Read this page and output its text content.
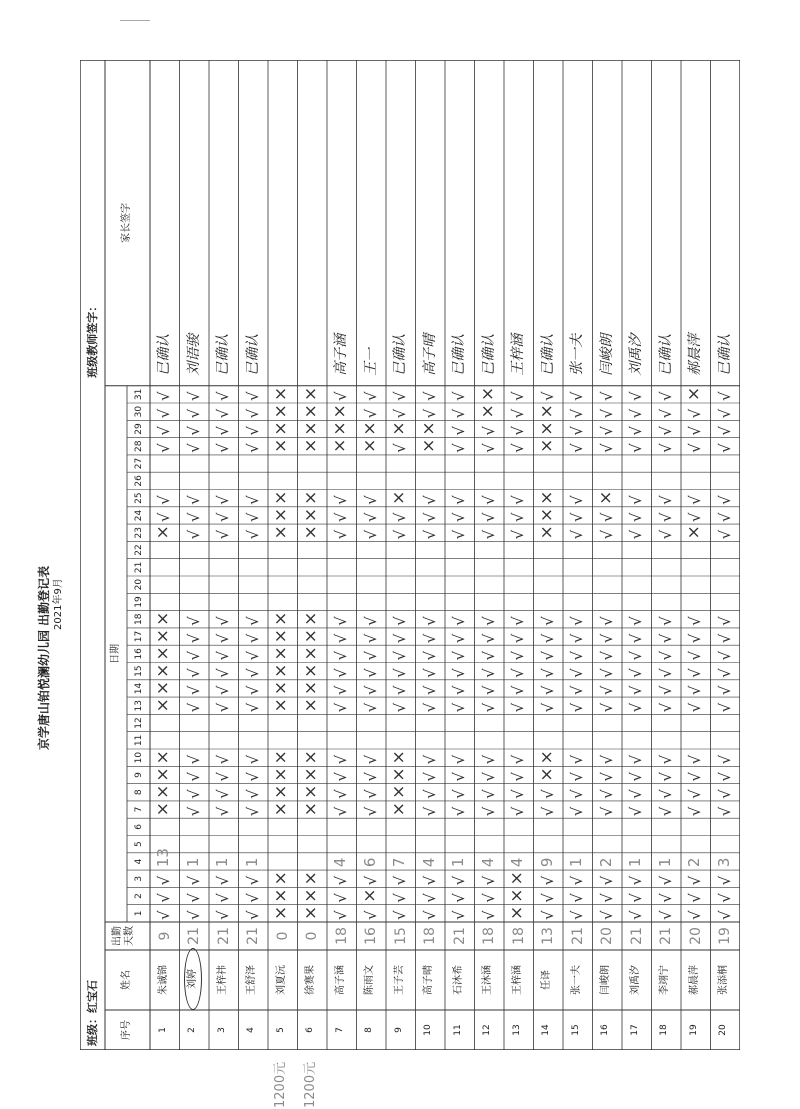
班级：红宝石
京学唐山铂悦澜幼儿园 出勤登记表 2021年9月
班级教师签字：
序号
姓名
出勤天数
日期
家长签字
1
2
3
4
5
6
7
8
9
10
11
12
13
14
15
16
17
18
19
20
21
22
23
24
25
26
27
28
29
30
31
1
朱诚锦
9
√
√
√
×
×
×
×
×
×
×
×
×
×
×
√
√
√
√
√
√
13
已确认
2
刘婷
21
√
√
√
√
√
√
√
√
√
√
√
√
√
√
√
√
√
√
√
√
1
刘语骏
3
王梓祎
21
√
√
√
√
√
√
√
√
√
√
√
√
√
√
√
√
√
√
√
√
1
已确认
4
王舒泽
21
√
√
√
√
√
√
√
√
√
√
√
√
√
√
√
√
√
√
√
√
1
已确认
5
刘夏沅
0
×
×
×
×
×
×
×
×
×
×
×
×
×
×
×
×
×
×
×
×
6
徐赛果
0
×
×
×
×
×
×
×
×
×
×
×
×
×
×
×
×
×
×
×
×
7
高子涵
18
√
√
√
√
√
√
√
√
√
√
√
√
√
√
√
√
×
×
×
√
4
高子涵
8
陈雨文
16
√
×
√
√
√
√
√
√
√
√
√
√
√
√
√
√
×
×
√
√
6
王一
9
王子芸
15
√
√
√
×
×
×
×
√
√
√
√
√
√
√
√
×
√
×
√
√
7
已确认
10
高子晴
18
√
√
√
√
√
√
√
√
√
√
√
√
√
√
√
√
×
×
√
√
4
高子晴
11
石沐希
21
√
√
√
√
√
√
√
√
√
√
√
√
√
√
√
√
√
√
√
√
1
已确认
12
王沐涵
18
√
√
√
√
√
√
√
√
√
√
√
√
√
√
√
√
√
√
×
×
4
已确认
13
王梓涵
18
×
×
×
√
√
√
√
√
√
√
√
√
√
√
√
√
√
√
√
√
4
王梓涵
14
任译
13
√
√
√
√
√
×
×
√
√
√
√
√
√
×
×
×
×
×
×
√
9
已确认
15
张一夫
21
√
√
√
√
√
√
√
√
√
√
√
√
√
√
√
√
√
√
√
√
1
张一夫
16
闫峻朗
20
√
√
√
√
√
√
√
√
√
√
√
√
√
√
√
×
√
√
√
√
2
闫峻朗
17
刘禹汐
21
√
√
√
√
√
√
√
√
√
√
√
√
√
√
√
√
√
√
√
√
1
刘禹汐
18
李翊宁
21
√
√
√
√
√
√
√
√
√
√
√
√
√
√
√
√
√
√
√
√
1
已确认
19
郝晨萍
20
√
√
√
√
√
√
√
√
√
√
√
√
√
×
√
√
√
√
√
×
2
郝晨萍
20
张添桐
19
√
√
√
√
√
√
√
√
√
√
√
√
√
√
√
√
√
√
√
√
3
已确认
1200元 1200元
